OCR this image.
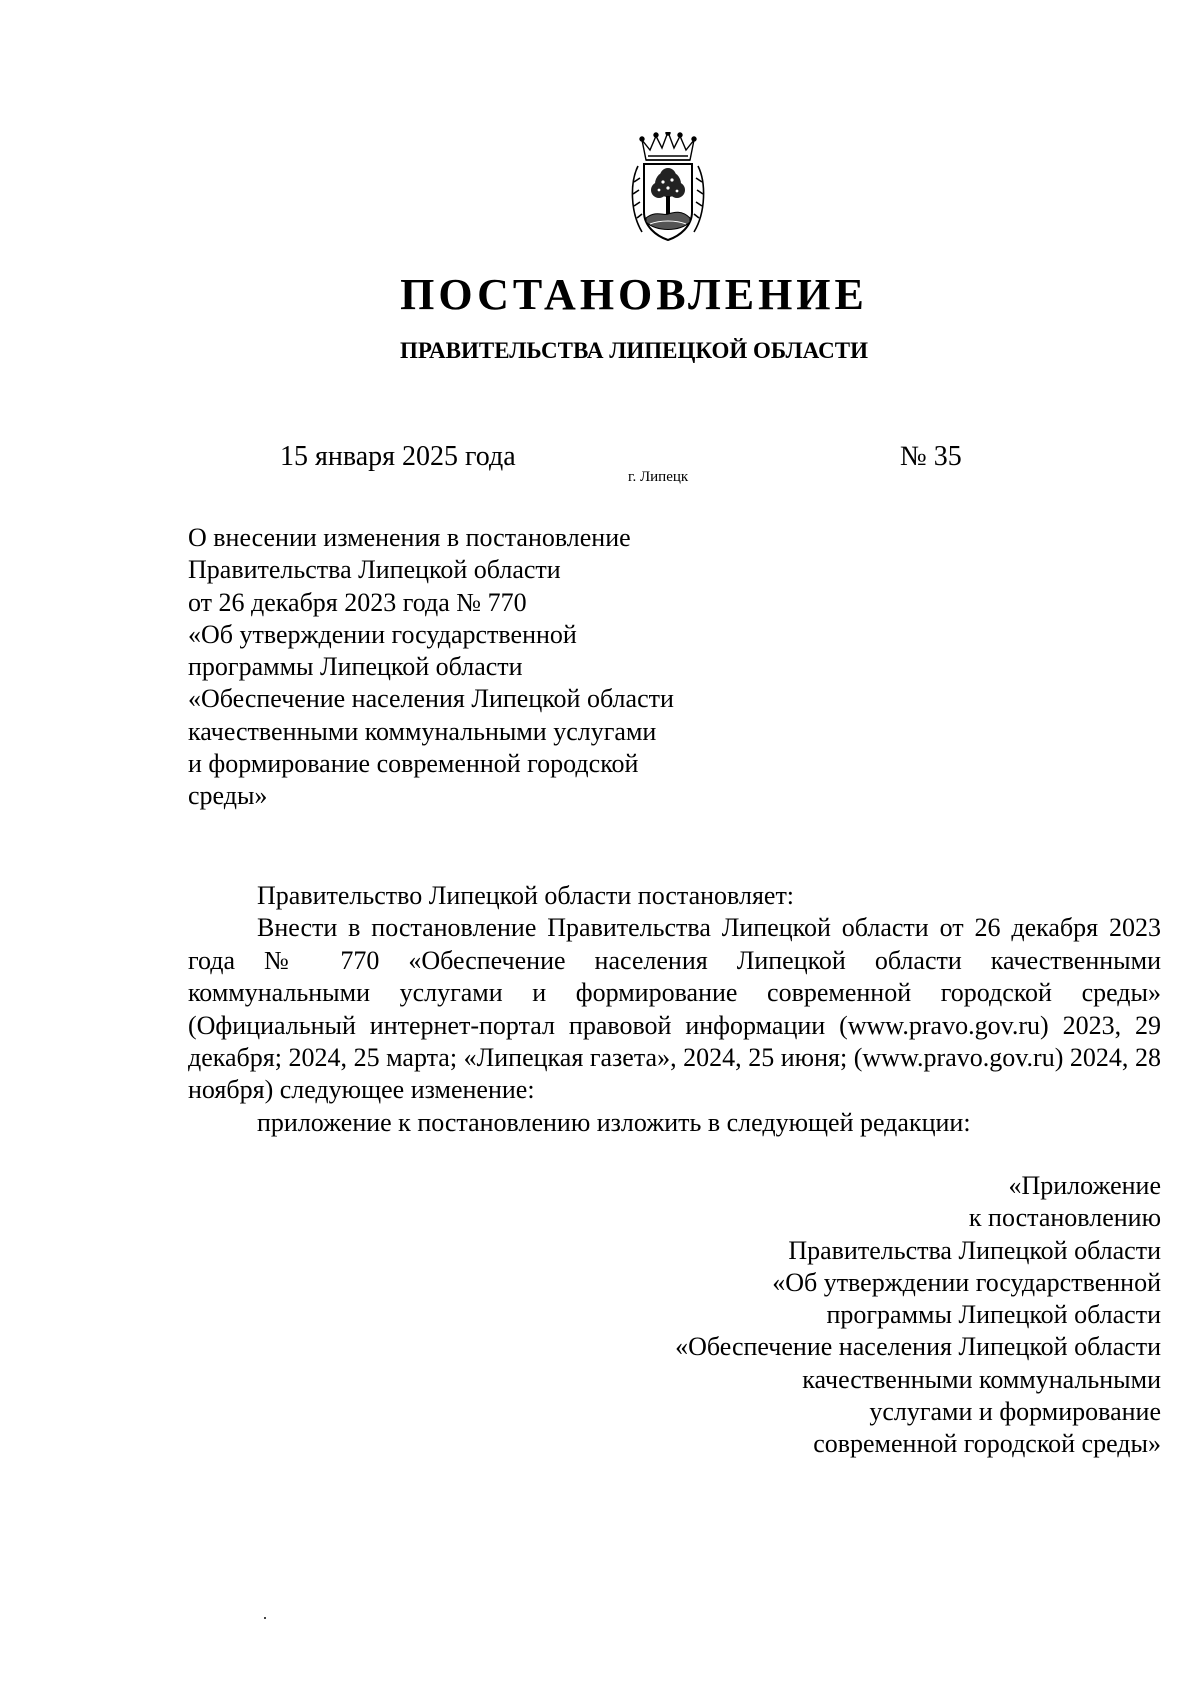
ПОСТАНОВЛЕНИЕ
ПРАВИТЕЛЬСТВА ЛИПЕЦКОЙ ОБЛАСТИ
15 января 2025 года
г. Липецк
№ 35
О внесении изменения в постановление
Правительства Липецкой области
от 26 декабря 2023 года № 770
«Об утверждении государственной
программы Липецкой области
«Обеспечение населения Липецкой области
качественными коммунальными услугами
и формирование современной городской
среды»

Правительство Липецкой области постановляет:

Внести в постановление Правительства Липецкой области от 26 декабря 2023 года № 770 «Обеспечение населения Липецкой области качественными коммунальными услугами и формирование современной городской среды» (Официальный интернет-портал правовой информации (www.pravo.gov.ru) 2023, 29 декабря; 2024, 25 марта; «Липецкая газета», 2024, 25 июня; (www.pravo.gov.ru) 2024, 28 ноября) следующее изменение:

приложение к постановлению изложить в следующей редакции:

«Приложение
к постановлению
Правительства Липецкой области
«Об утверждении государственной
программы Липецкой области
«Обеспечение населения Липецкой области
качественными коммунальными
услугами и формирование
современной городской среды»
